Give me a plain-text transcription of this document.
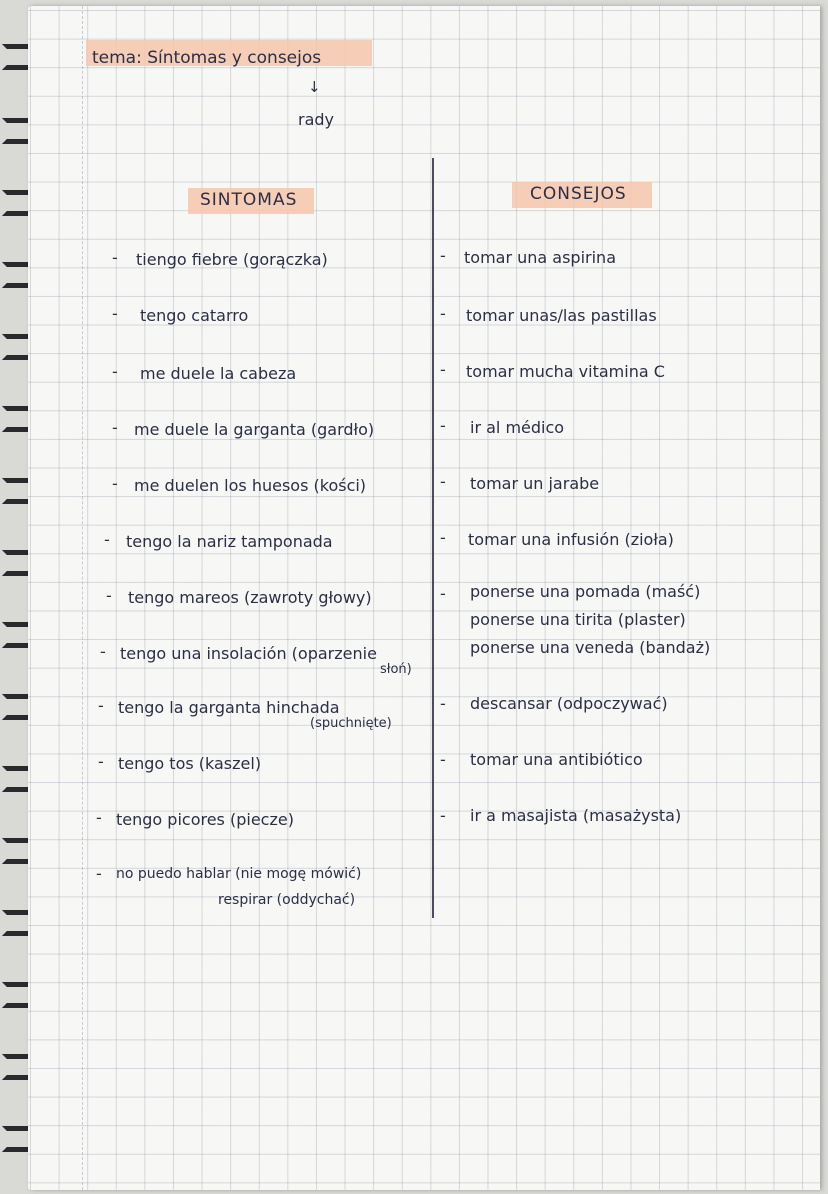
tema: Síntomas y consejos
↓
rady
SINTOMAS	CONSEJOS
- tiengo fiebre (gorączka)
- tengo catarro
- me duele la cabeza
- me duele la garganta (gardło)
- me duelen los huesos (kości)
- tengo la nariz tamponada
- tengo mareos (zawroty głowy)
- tengo una insolación (oparzenie
słoń)
- tengo la garganta hinchada
(spuchnięte)
- tengo tos (kaszel)
- tengo picores (piecze)
- no puedo hablar (nie mogę mówić)
respirar (oddychać)
- tomar una aspirina
- tomar unas/las pastillas
- tomar mucha vitamina C
- ir al médico
- tomar un jarabe
- tomar una infusión (zioła)
- ponerse una pomada (maść)
ponerse una tirita (plaster)
ponerse una veneda (bandaż)
- descansar (odpoczywać)
- tomar una antibiótico
- ir a masajista (masażysta)
